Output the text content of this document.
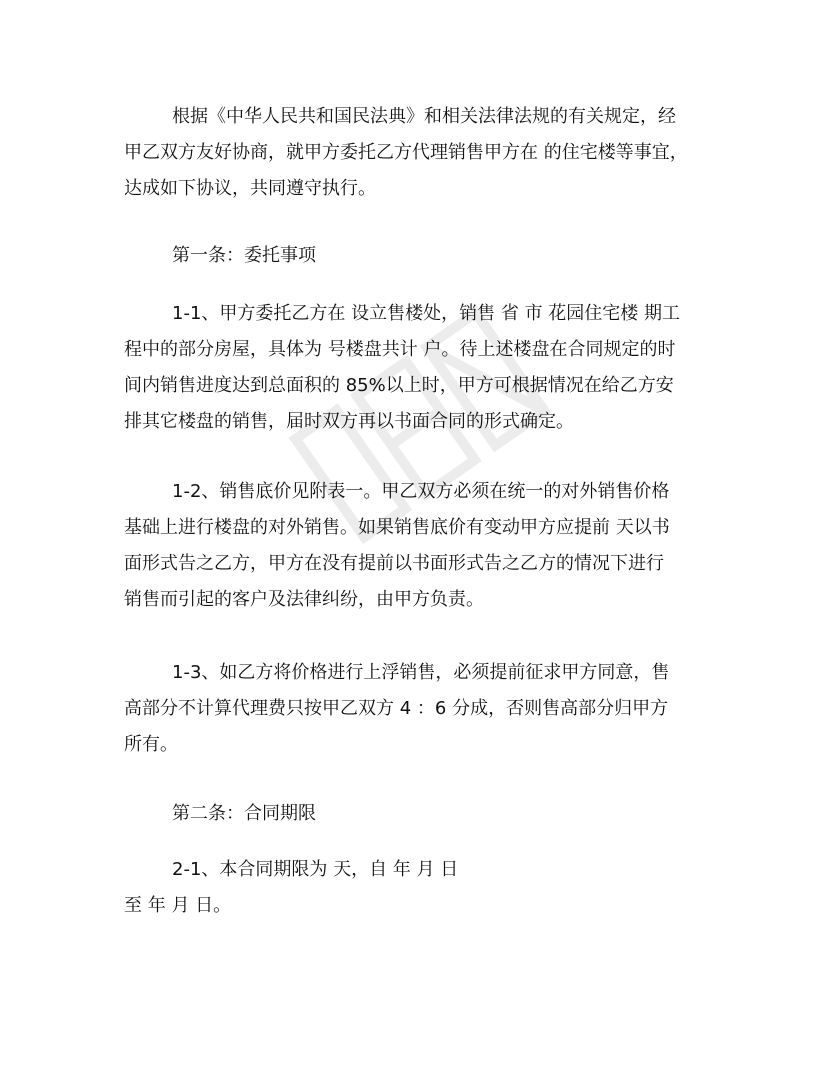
根据《中华人民共和国民法典》和相关法律法规的有关规定，经
甲乙双方友好协商，就甲方委托乙方代理销售甲方在 的住宅楼等事宜，
达成如下协议，共同遵守执行。

第一条：委托事项

1-1、甲方委托乙方在 设立售楼处，销售 省 市 花园住宅楼 期工
程中的部分房屋，具体为 号楼盘共计 户。待上述楼盘在合同规定的时
间内销售进度达到总面积的 85%以上时，甲方可根据情况在给乙方安
排其它楼盘的销售，届时双方再以书面合同的形式确定。

1-2、销售底价见附表一。甲乙双方必须在统一的对外销售价格
基础上进行楼盘的对外销售。如果销售底价有变动甲方应提前 天以书
面形式告之乙方，甲方在没有提前以书面形式告之乙方的情况下进行
销售而引起的客户及法律纠纷，由甲方负责。

1-3、如乙方将价格进行上浮销售，必须提前征求甲方同意，售
高部分不计算代理费只按甲乙双方 4 ：6 分成，否则售高部分归甲方
所有。

第二条：合同期限

2-1、本合同期限为 天，自 年 月 日
至 年 月 日。
